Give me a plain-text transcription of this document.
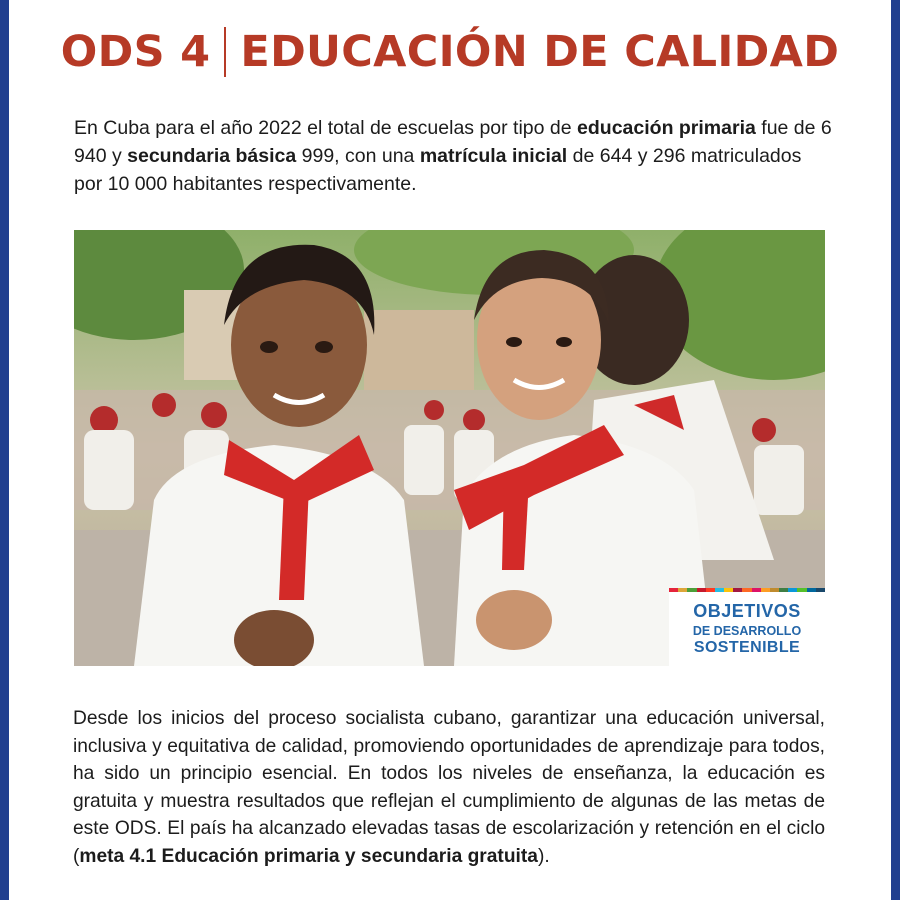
ODS 4 EDUCACIÓN DE CALIDAD

En Cuba para el año 2022 el total de escuelas por tipo de educación primaria fue de 6 940 y secundaria básica 999, con una matrícula inicial de 644 y 296 matriculados por 10 000 habitantes respectivamente.

OBJETIVOS
DE DESARROLLO
SOSTENIBLE

Desde los inicios del proceso socialista cubano, garantizar una educación universal, inclusiva y equitativa de calidad, promoviendo oportunidades de aprendizaje para todos, ha sido un principio esencial. En todos los niveles de enseñanza, la educación es gratuita y muestra resultados que reflejan el cumplimiento de algunas de las metas de este ODS. El país ha alcanzado elevadas tasas de escolarización y retención en el ciclo (meta 4.1 Educación primaria y secundaria gratuita).
